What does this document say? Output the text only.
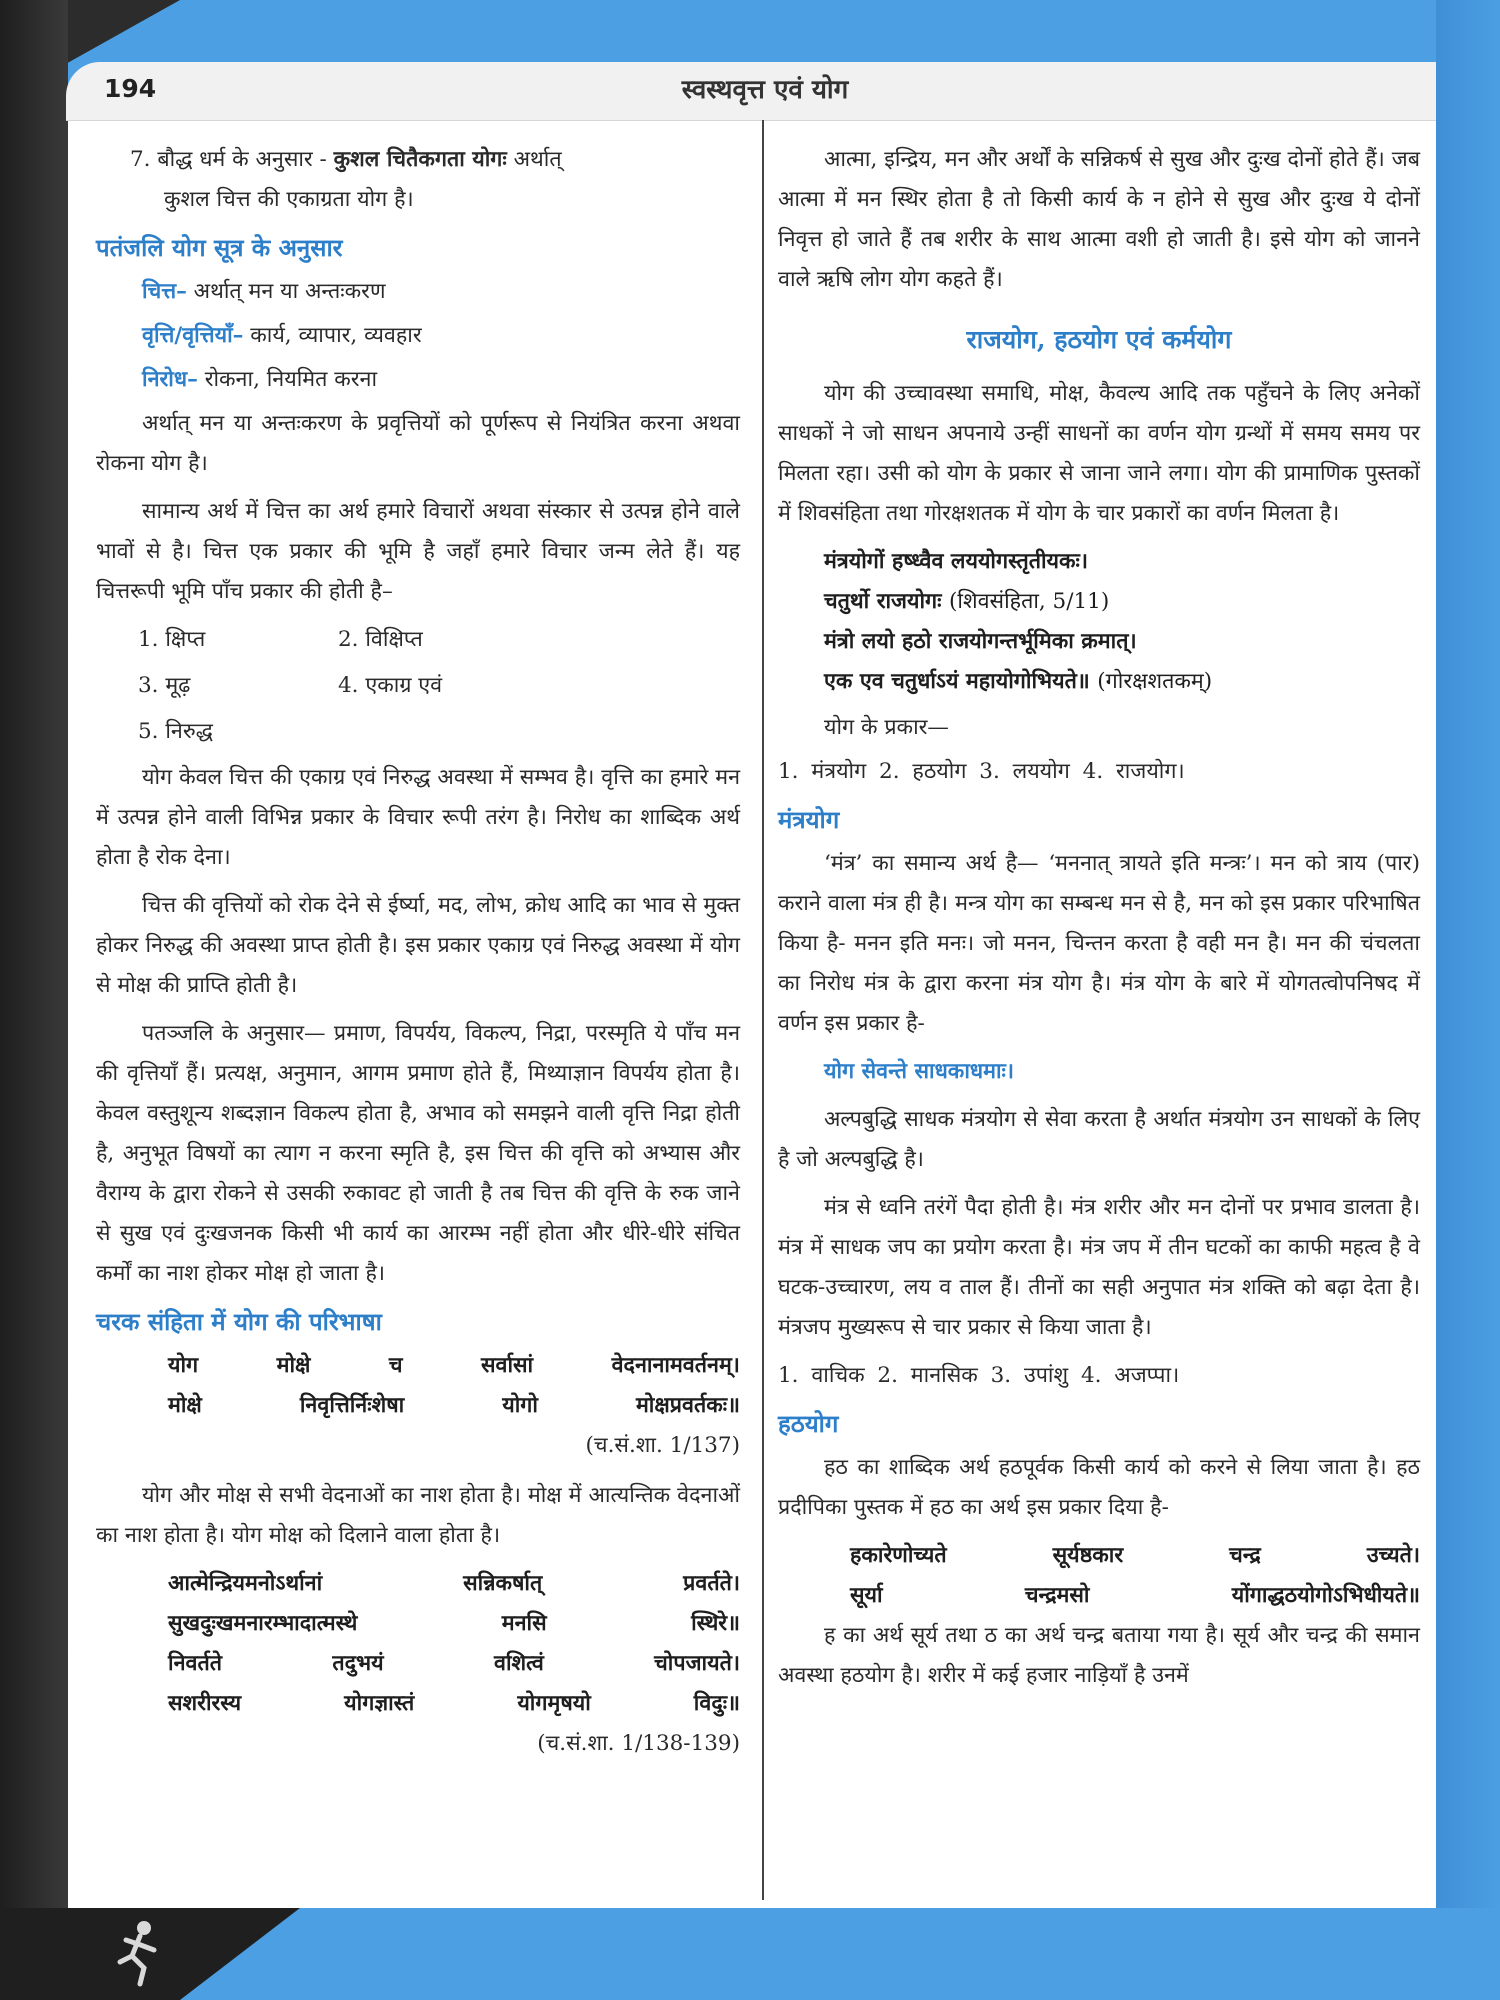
194	स्वस्थवृत्त एवं योग

7. बौद्ध धर्म के अनुसार - कुशल चितैकगता योगः अर्थात्
कुशल चित्त की एकाग्रता योग है।

पतंजलि योग सूत्र के अनुसार
चित्त– अर्थात् मन या अन्तःकरण
वृत्ति/वृत्तियाँ– कार्य, व्यापार, व्यवहार
निरोध– रोकना, नियमित करना

अर्थात् मन या अन्तःकरण के प्रवृत्तियों को पूर्णरूप से नियंत्रित करना अथवा रोकना योग है।

सामान्य अर्थ में चित्त का अर्थ हमारे विचारों अथवा संस्कार से उत्पन्न होने वाले भावों से है। चित्त एक प्रकार की भूमि है जहाँ हमारे विचार जन्म लेते हैं। यह चित्तरूपी भूमि पाँच प्रकार की होती है–

1. क्षिप्त	2. विक्षिप्त
3. मूढ़	4. एकाग्र एवं
5. निरुद्ध

योग केवल चित्त की एकाग्र एवं निरुद्ध अवस्था में सम्भव है। वृत्ति का हमारे मन में उत्पन्न होने वाली विभिन्न प्रकार के विचार रूपी तरंग है। निरोध का शाब्दिक अर्थ होता है रोक देना।

चित्त की वृत्तियों को रोक देने से ईर्ष्या, मद, लोभ, क्रोध आदि का भाव से मुक्त होकर निरुद्ध की अवस्था प्राप्त होती है। इस प्रकार एकाग्र एवं निरुद्ध अवस्था में योग से मोक्ष की प्राप्ति होती है।

पतञ्जलि के अनुसार— प्रमाण, विपर्यय, विकल्प, निद्रा, परस्मृति ये पाँच मन की वृत्तियाँ हैं। प्रत्यक्ष, अनुमान, आगम प्रमाण होते हैं, मिथ्याज्ञान विपर्यय होता है। केवल वस्तुशून्य शब्दज्ञान विकल्प होता है, अभाव को समझने वाली वृत्ति निद्रा होती है, अनुभूत विषयों का त्याग न करना स्मृति है, इस चित्त की वृत्ति को अभ्यास और वैराग्य के द्वारा रोकने से उसकी रुकावट हो जाती है तब चित्त की वृत्ति के रुक जाने से सुख एवं दुःखजनक किसी भी कार्य का आरम्भ नहीं होता और धीरे-धीरे संचित कर्मों का नाश होकर मोक्ष हो जाता है।

चरक संहिता में योग की परिभाषा
योग	मोक्षे	च	सर्वासां	वेदनानामवर्तनम्।
मोक्षे	निवृत्तिर्निःशेषा	योगो	मोक्षप्रवर्तकः॥
(च.सं.शा. 1/137)

योग और मोक्ष से सभी वेदनाओं का नाश होता है। मोक्ष में आत्यन्तिक वेदनाओं का नाश होता है। योग मोक्ष को दिलाने वाला होता है।

आत्मेन्द्रियमनोऽर्थानां	सन्निकर्षात्	प्रवर्तते।
सुखदुःखमनारम्भादात्मस्थे	मनसि	स्थिरे॥
निवर्तते	तदुभयं	वशित्वं	चोपजायते।
सशरीरस्य	योगज्ञास्तं	योगमृषयो	विदुः॥
(च.सं.शा. 1/138-139)

आत्मा, इन्द्रिय, मन और अर्थों के सन्निकर्ष से सुख और दुःख दोनों होते हैं। जब आत्मा में मन स्थिर होता है तो किसी कार्य के न होने से सुख और दुःख ये दोनों निवृत्त हो जाते हैं तब शरीर के साथ आत्मा वशी हो जाती है। इसे योग को जानने वाले ऋषि लोग योग कहते हैं।

राजयोग, हठयोग एवं कर्मयोग

योग की उच्चावस्था समाधि, मोक्ष, कैवल्य आदि तक पहुँचने के लिए अनेकों साधकों ने जो साधन अपनाये उन्हीं साधनों का वर्णन योग ग्रन्थों में समय समय पर मिलता रहा। उसी को योग के प्रकार से जाना जाने लगा। योग की प्रामाणिक पुस्तकों में शिवसंहिता तथा गोरक्षशतक में योग के चार प्रकारों का वर्णन मिलता है।

मंत्रयोगों हष्ध्वैव लययोगस्तृतीयकः।
चतुर्थो राजयोगः (शिवसंहिता, 5/11)
मंत्रो लयो हठो राजयोगन्तर्भूमिका क्रमात्।
एक एव चतुर्धाऽयं महायोगोभियते॥ (गोरक्षशतकम्)

योग के प्रकार—

1. मंत्रयोग 2. हठयोग 3. लययोग 4. राजयोग।

मंत्रयोग

‘मंत्र’ का समान्य अर्थ है— ‘मननात् त्रायते इति मन्त्रः’। मन को त्राय (पार) कराने वाला मंत्र ही है। मन्त्र योग का सम्बन्ध मन से है, मन को इस प्रकार परिभाषित किया है- मनन इति मनः। जो मनन, चिन्तन करता है वही मन है। मन की चंचलता का निरोध मंत्र के द्वारा करना मंत्र योग है। मंत्र योग के बारे में योगतत्वोपनिषद में वर्णन इस प्रकार है-

योग सेवन्ते साधकाधमाः।

अल्पबुद्धि साधक मंत्रयोग से सेवा करता है अर्थात मंत्रयोग उन साधकों के लिए है जो अल्पबुद्धि है।

मंत्र से ध्वनि तरंगें पैदा होती है। मंत्र शरीर और मन दोनों पर प्रभाव डालता है। मंत्र में साधक जप का प्रयोग करता है। मंत्र जप में तीन घटकों का काफी महत्व है वे घटक-उच्चारण, लय व ताल हैं। तीनों का सही अनुपात मंत्र शक्ति को बढ़ा देता है। मंत्रजप मुख्यरूप से चार प्रकार से किया जाता है।

1. वाचिक 2. मानसिक 3. उपांशु 4. अजप्पा।

हठयोग

हठ का शाब्दिक अर्थ हठपूर्वक किसी कार्य को करने से लिया जाता है। हठ प्रदीपिका पुस्तक में हठ का अर्थ इस प्रकार दिया है-

हकारेणोच्यते	सूर्यष्ठकार	चन्द्र	उच्यते।
सूर्या	चन्द्रमसो	योंगाद्धठयोगोऽभिधीयते॥

ह का अर्थ सूर्य तथा ठ का अर्थ चन्द्र बताया गया है। सूर्य और चन्द्र की समान अवस्था हठयोग है। शरीर में कई हजार नाड़ियाँ है उनमें
